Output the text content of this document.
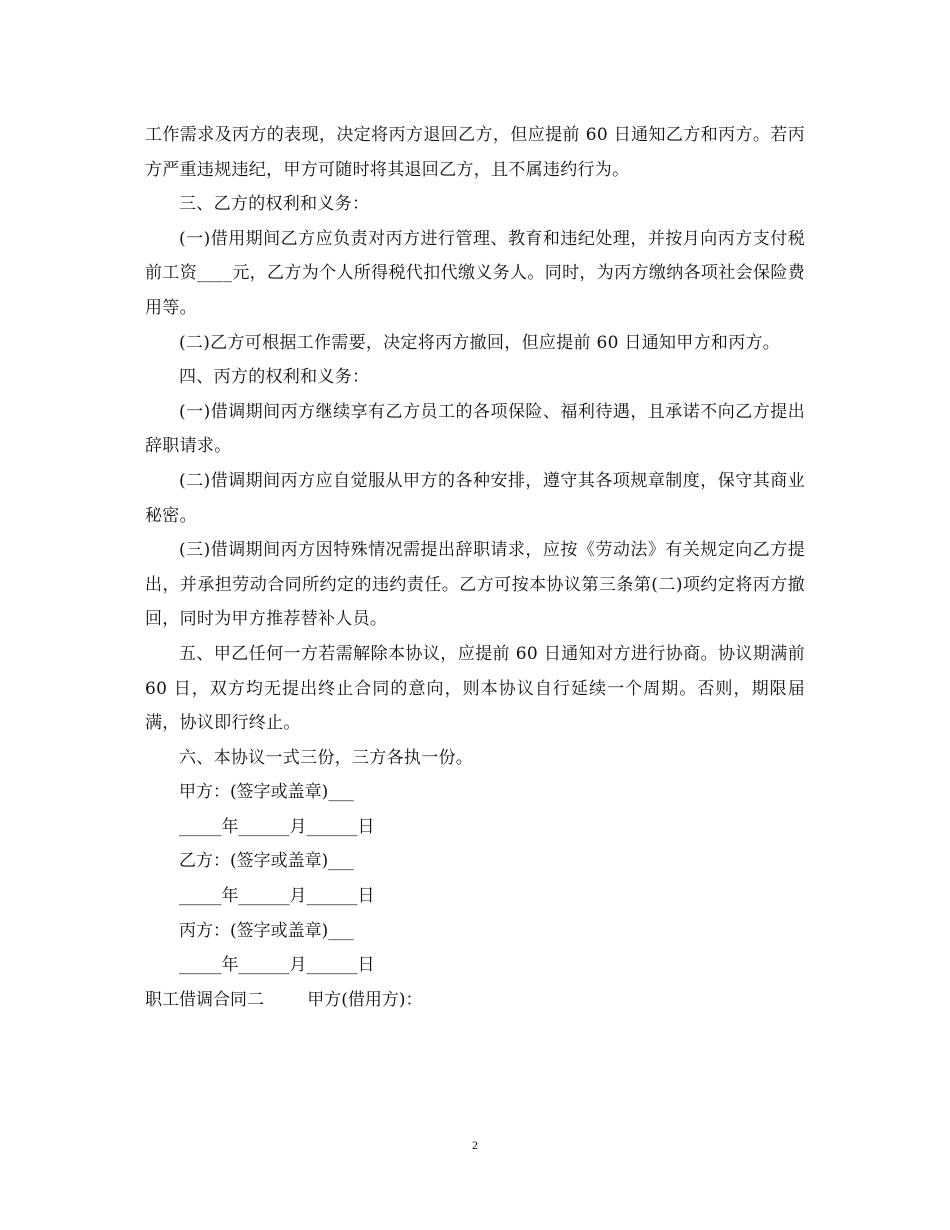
工作需求及丙方的表现，决定将丙方退回乙方，但应提前 60 日通知乙方和丙方。若丙方严重违规违纪，甲方可随时将其退回乙方，且不属违约行为。

三、乙方的权利和义务：

(一)借用期间乙方应负责对丙方进行管理、教育和违纪处理，并按月向丙方支付税前工资____元，乙方为个人所得税代扣代缴义务人。同时，为丙方缴纳各项社会保险费用等。

(二)乙方可根据工作需要，决定将丙方撤回，但应提前 60 日通知甲方和丙方。

四、丙方的权利和义务：

(一)借调期间丙方继续享有乙方员工的各项保险、福利待遇，且承诺不向乙方提出辞职请求。

(二)借调期间丙方应自觉服从甲方的各种安排，遵守其各项规章制度，保守其商业秘密。

(三)借调期间丙方因特殊情况需提出辞职请求，应按《劳动法》有关规定向乙方提出，并承担劳动合同所约定的违约责任。乙方可按本协议第三条第(二)项约定将丙方撤回，同时为甲方推荐替补人员。

五、甲乙任何一方若需解除本协议，应提前 60 日通知对方进行协商。协议期满前 60 日，双方均无提出终止合同的意向，则本协议自行延续一个周期。否则，期限届满，协议即行终止。

六、本协议一式三份，三方各执一份。

甲方：(签字或盖章)___

_____年______月______日

乙方：(签字或盖章)___

_____年______月______日

丙方：(签字或盖章)___

_____年______月______日

职工借调合同二        甲方(借用方)：

2
